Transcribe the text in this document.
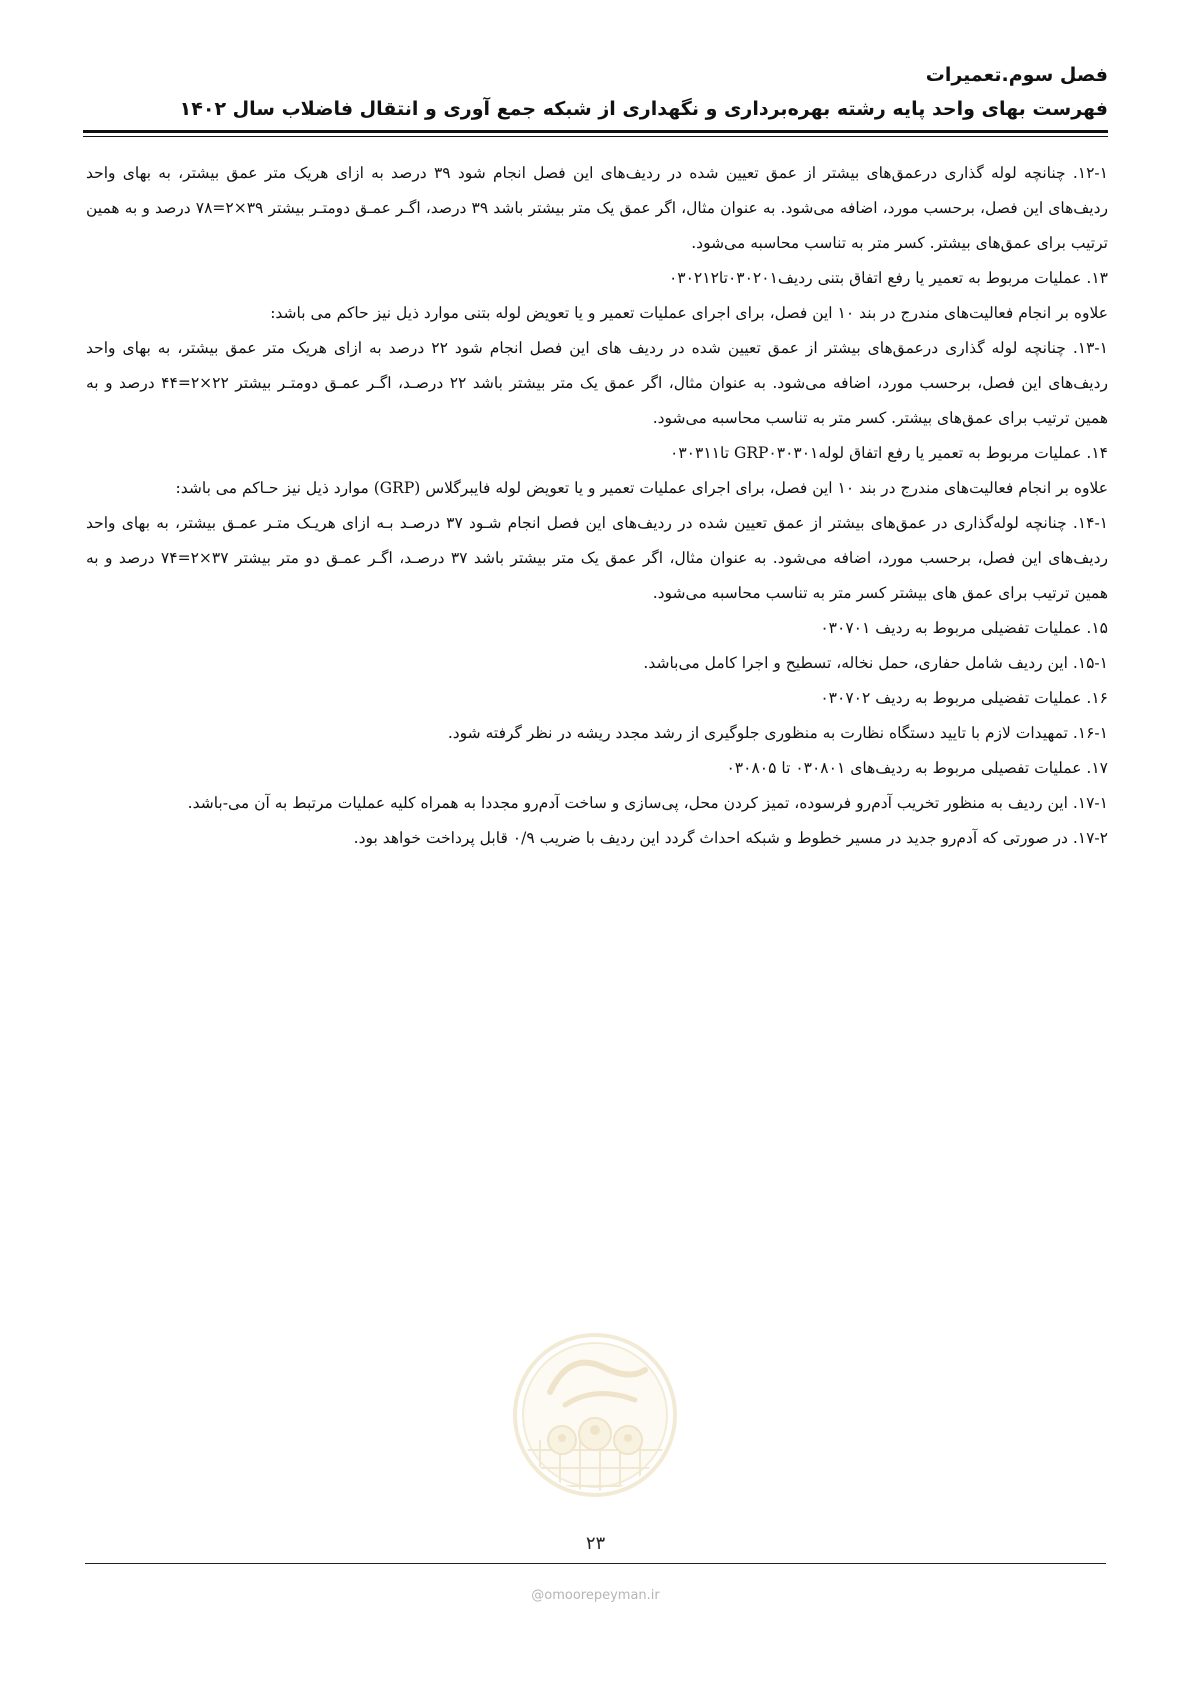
فصل سوم.تعمیرات
فهرست بهای واحد پایه رشته بهره‌برداری و نگهداری از شبکه جمع آوری و انتقال فاضلاب سال ۱۴۰۲

۱۲-۱. چنانچه لوله گذاری درعمق‌های بیشتر از عمق تعیین شده در ردیف‌های این فصل انجام شود ۳۹ درصد به ازای هریک متر عمق بیشتر، به بهای واحد ردیف‌های این فصل، برحسب مورد، اضافه می‌شود. به عنوان مثال، اگر عمق یک متر بیشتر باشد ۳۹ درصد، اگـر عمـق دومتـر بیشتر ۳۹×۲=۷۸ درصد و به همین ترتیب برای عمق‌های بیشتر. کسر متر به تناسب محاسبه می‌شود.

۱۳. عملیات مربوط به تعمیر یا رفع اتفاق بتنی ردیف۰۳۰۲۰۱تا۰۳۰۲۱۲

علاوه بر انجام فعالیت‌های مندرج در بند ۱۰ این فصل، برای اجرای عملیات تعمیر و یا تعویض لوله بتنی موارد ذیل نیز حاکم می باشد:

۱۳-۱. چنانچه لوله گذاری درعمق‌های بیشتر از عمق تعیین شده در ردیف های این فصل انجام شود ۲۲ درصد به ازای هریک متر عمق بیشتر، به بهای واحد ردیف‌های این فصل، برحسب مورد، اضافه می‌شود. به عنوان مثال، اگر عمق یک متر بیشتر باشد ۲۲ درصـد، اگـر عمـق دومتـر بیشتر ۲۲×۲=۴۴ درصد و به همین ترتیب برای عمق‌های بیشتر. کسر متر به تناسب محاسبه می‌شود.

۱۴. عملیات مربوط به تعمیر یا رفع اتفاق لولهGRP۰۳۰۳۰۱ تا۰۳۰۳۱۱

علاوه بر انجام فعالیت‌های مندرج در بند ۱۰ این فصل، برای اجرای عملیات تعمیر و یا تعویض لوله فایبرگلاس (GRP) موارد ذیل نیز حـاکم می باشد:

۱۴-۱. چنانچه لوله‌گذاری در عمق‌های بیشتر از عمق تعیین شده در ردیف‌های این فصل انجام شـود ۳۷ درصـد بـه ازای هریـک متـر عمـق بیشتر، به بهای واحد ردیف‌های این فصل، برحسب مورد، اضافه می‌شود. به عنوان مثال، اگر عمق یک متر بیشتر باشد ۳۷ درصـد، اگـر عمـق دو متر بیشتر ۳۷×۲=۷۴ درصد و به همین ترتیب برای عمق های بیشتر کسر متر به تناسب محاسبه می‌شود.

۱۵. عملیات تفضیلی مربوط به ردیف ۰۳۰۷۰۱

۱۵-۱. این ردیف شامل حفاری، حمل نخاله، تسطیح و اجرا کامل می‌باشد.

۱۶. عملیات تفضیلی مربوط به ردیف ۰۳۰۷۰۲

۱۶-۱. تمهیدات لازم با تایید دستگاه نظارت به منظوری جلوگیری از رشد مجدد ریشه در نظر گرفته شود.

۱۷. عملیات تفصیلی مربوط به ردیف‌های ۰۳۰۸۰۱ تا ۰۳۰۸۰۵

۱۷-۱. این ردیف به منظور تخریب آدم‌رو فرسوده، تمیز کردن محل، پی‌سازی و ساخت آدم‌رو مجددا به همراه کلیه عملیات مرتبط به آن می-باشد.

۱۷-۲. در صورتی که آدم‌رو جدید در مسیر خطوط و شبکه احداث گردد این ردیف با ضریب ۰/۹ قابل پرداخت خواهد بود.

۲۳
@omoorepeyman.ir
